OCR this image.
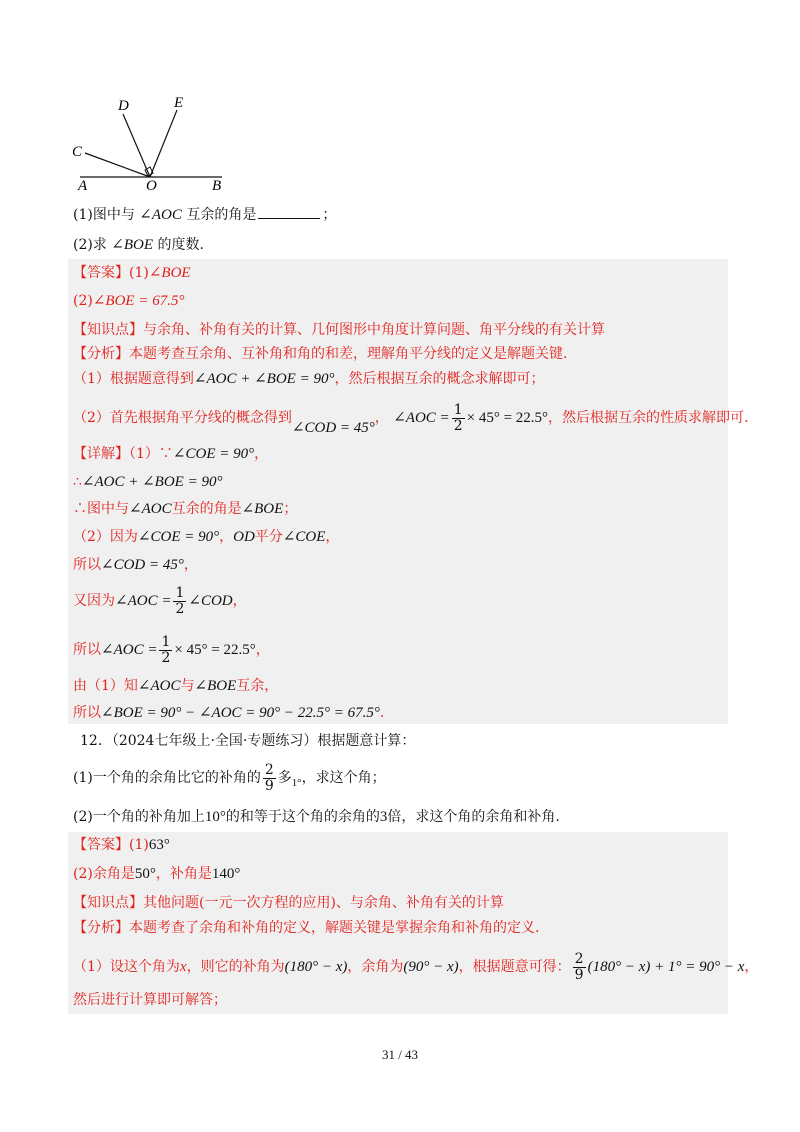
D	E
C
A	O	B
(1)图中与 ∠AOC 互余的角是	；
(2)求 ∠BOE 的度数.
【答案】(1)∠BOE
(2)∠BOE = 67.5°
【知识点】与余角、补角有关的计算、几何图形中角度计算问题、角平分线的有关计算
【分析】本题考查互余角、互补角和角的和差，理解角平分线的定义是解题关键.
（1）根据题意得到∠AOC + ∠BOE = 90°，然后根据互余的概念求解即可；
（2）首先根据角平分线的概念得到∠COD = 45°， ∠AOC = $\frac{1}{2} \times 45^\circ = 22.5^\circ$，然后根据互余的性质求解即可.
【详解】（1）∵∠COE = 90°，
∴∠AOC + ∠BOE = 90°
∴图中与∠AOC互余的角是∠BOE；
（2）因为∠COE = 90°，OD平分∠COE，
所以∠COD = 45°，
又因为∠AOC = $\frac{1}{2}$ ∠COD，
所以∠AOC = $\frac{1}{2} \times 45^\circ = 22.5^\circ$，
由（1）知∠AOC与∠BOE互余，
所以∠BOE = 90° − ∠AOC = 90° − 22.5° = 67.5°.
12．（2024七年级上·全国·专题练习）根据题意计算：
(1)一个角的余角比它的补角的 $\frac{2}{9}$ 多$_{1^\circ}$，求这个角；
(2)一个角的补角加上10°的和等于这个角的余角的3倍，求这个角的余角和补角.
【答案】(1)63°
(2)余角是50°，补角是140°
【知识点】其他问题(一元一次方程的应用)、与余角、补角有关的计算
【分析】本题考查了余角和补角的定义，解题关键是掌握余角和补角的定义.
（1）设这个角为x，则它的补角为(180° − x)，余角为(90° − x)，根据题意可得： $\frac{2}{9} (180^\circ - x) + 1^\circ = 90^\circ - x$，
然后进行计算即可解答；
31 / 43
